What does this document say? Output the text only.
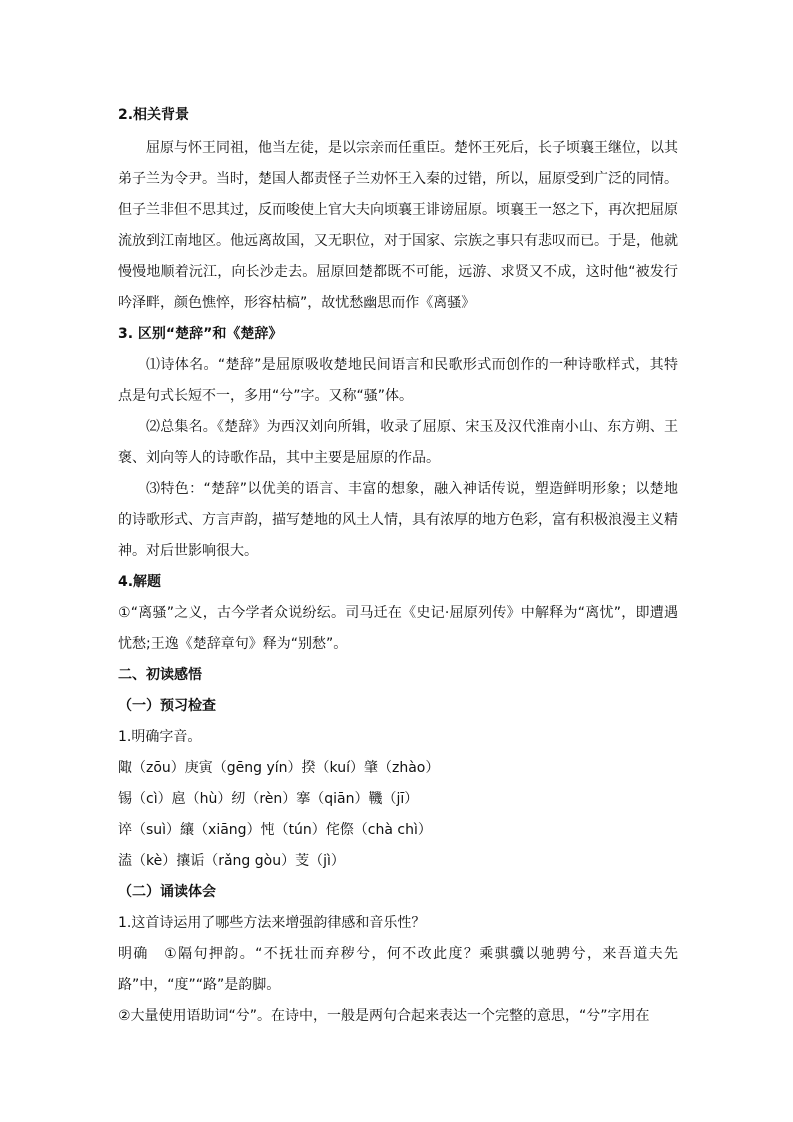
2.相关背景

屈原与怀王同祖，他当左徒，是以宗亲而任重臣。楚怀王死后，长子顷襄王继位，以其弟子兰为令尹。当时，楚国人都责怪子兰劝怀王入秦的过错，所以，屈原受到广泛的同情。但子兰非但不思其过，反而唆使上官大夫向顷襄王诽谤屈原。顷襄王一怒之下，再次把屈原流放到江南地区。他远离故国，又无职位，对于国家、宗族之事只有悲叹而已。于是，他就慢慢地顺着沅江，向长沙走去。屈原回楚都既不可能，远游、求贤又不成，这时他“被发行吟泽畔，颜色憔悴，形容枯槁”，故忧愁幽思而作《离骚》

3. 区别“楚辞”和《楚辞》

⑴诗体名。“楚辞”是屈原吸收楚地民间语言和民歌形式而创作的一种诗歌样式，其特点是句式长短不一，多用“兮”字。又称“骚”体。

⑵总集名。《楚辞》为西汉刘向所辑，收录了屈原、宋玉及汉代淮南小山、东方朔、王褒、刘向等人的诗歌作品，其中主要是屈原的作品。

⑶特色：“楚辞”以优美的语言、丰富的想象，融入神话传说，塑造鲜明形象；以楚地的诗歌形式、方言声韵，描写楚地的风土人情，具有浓厚的地方色彩，富有积极浪漫主义精神。对后世影响很大。

4.解题

①“离骚”之义，古今学者众说纷纭。司马迁在《史记·屈原列传》中解释为“离忧”，即遭遇忧愁;王逸《楚辞章句》释为“别愁”。

二、初读感悟

（一）预习检查

1.明确字音。

陬（zōu）庚寅（gēng yín）揆（kuí）肇（zhào）

锡（cì）扈（hù）纫（rèn）搴（qiān）鞿（jī）

谇（suì）纕（xiāng）忳（tún）侘傺（chà chì）

溘（kè）攘诟（rǎng gòu）芰（jì）

（二）诵读体会

1.这首诗运用了哪些方法来增强韵律感和音乐性？

明确　①隔句押韵。“不抚壮而弃秽兮，何不改此度？乘骐骥以驰骋兮，来吾道夫先路”中，“度”“路”是韵脚。

②大量使用语助词“兮”。在诗中，一般是两句合起来表达一个完整的意思，“兮”字用在
